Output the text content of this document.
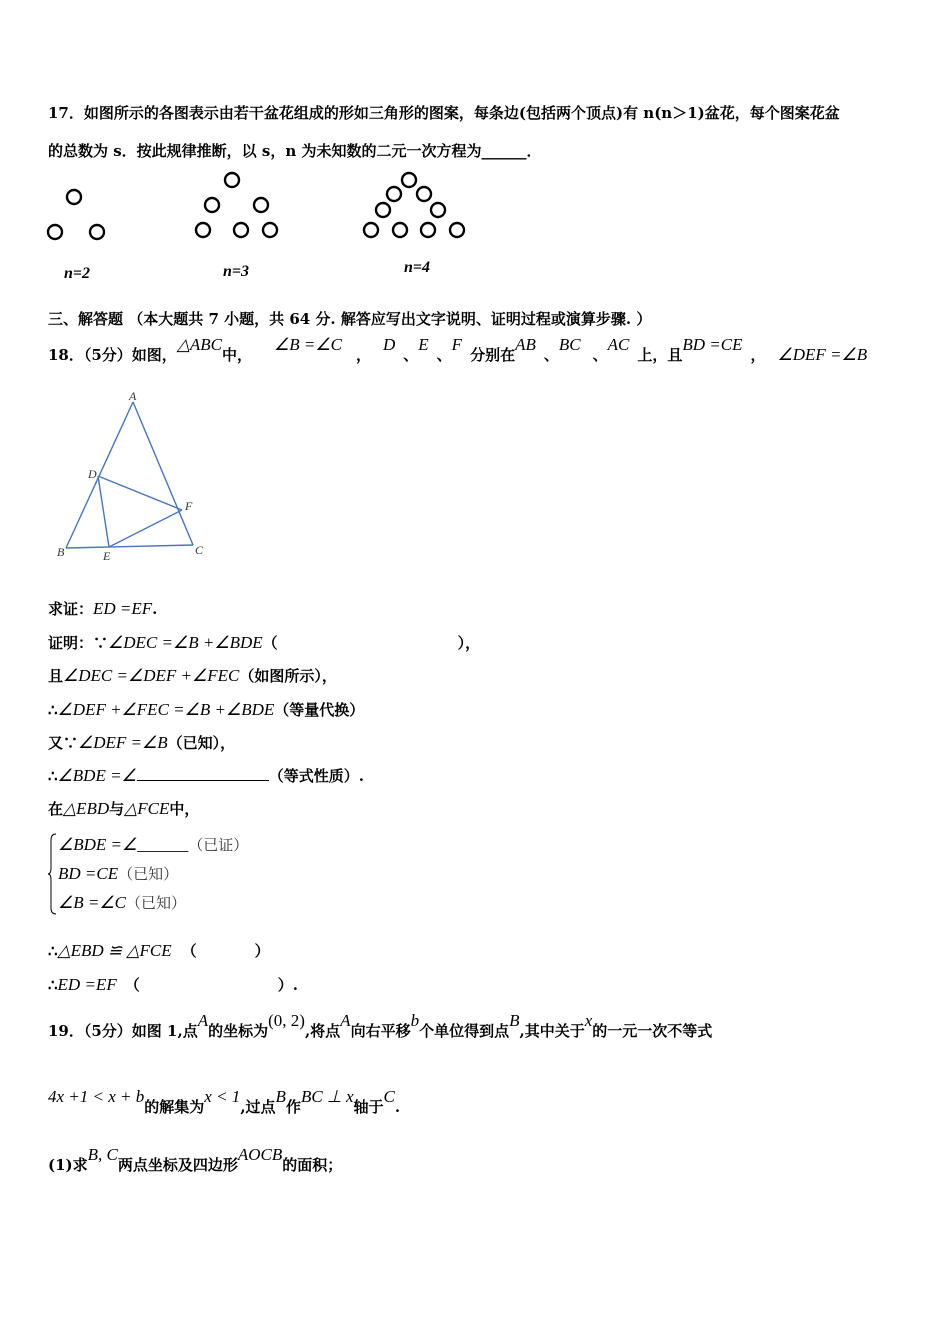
17．如图所示的各图表示由若干盆花组成的形如三角形的图案，每条边(包括两个顶点)有 n(n＞1)盆花，每个图案花盆
的总数为 s．按此规律推断，以 s，n 为未知数的二元一次方程为______．
n=2	n=3	n=4
三、解答题 （本大题共 7 小题，共 64 分. 解答应写出文字说明、证明过程或演算步骤. ）
18．（5分）如图，△ABC中，∠B =∠C，D、E、F分别在AB、BC、AC上，且BD =CE， ∠DEF =∠B
A
B	C
D
E
F
求证：ED =EF.
证明：∵∠DEC =∠B +∠BDE（	），
且∠DEC =∠DEF +∠FEC（如图所示），
∴∠DEF +∠FEC =∠B +∠BDE（等量代换）
又∵∠DEF =∠B（已知），
∴∠BDE =∠	（等式性质）.
在△EBD与△FCE中，
∠BDE =∠______（已证）
BD =CE（已知）
∠B =∠C（已知）
∴△EBD ≌ △FCE （	）
∴ED =EF （	）.
19．（5分）如图 1,点A的坐标为(0, 2),将点A向右平移b个单位得到点B,其中关于x的一元一次不等式
4x +1 < x + b的解集为x < 1,过点B作BC ⊥ x轴于C.
(1)求B, C两点坐标及四边形AOCB的面积；
